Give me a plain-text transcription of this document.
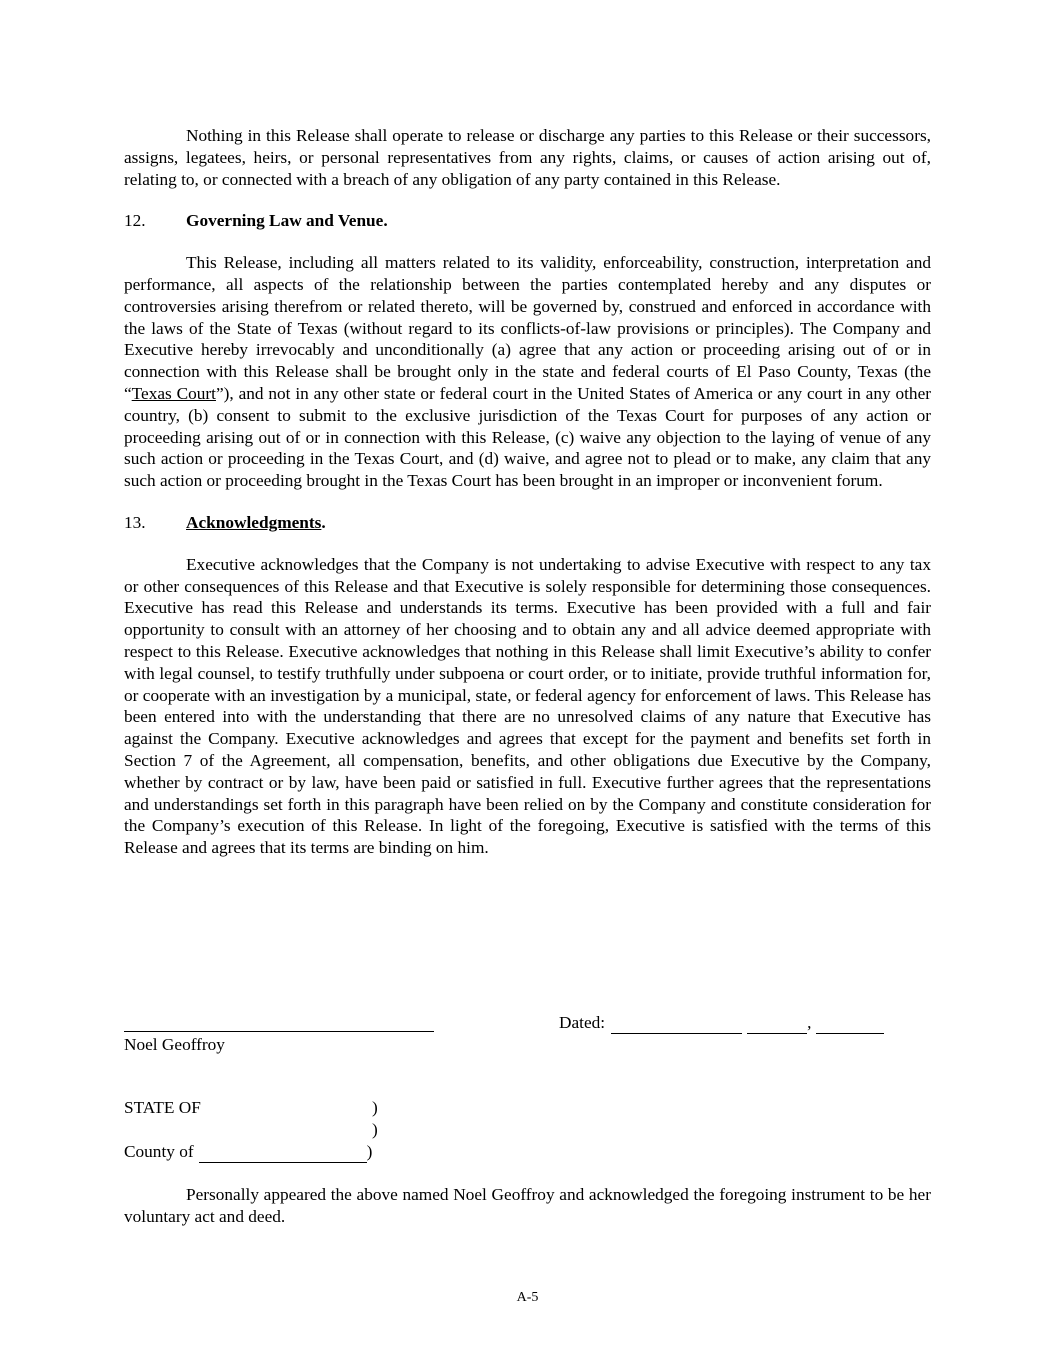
Nothing in this Release shall operate to release or discharge any parties to this Release or their successors, assigns, legatees, heirs, or personal representatives from any rights, claims, or causes of action arising out of, relating to, or connected with a breach of any obligation of any party contained in this Release.

12.	Governing Law and Venue.

This Release, including all matters related to its validity, enforceability, construction, interpretation and performance, all aspects of the relationship between the parties contemplated hereby and any disputes or controversies arising therefrom or related thereto, will be governed by, construed and enforced in accordance with the laws of the State of Texas (without regard to its conflicts-of-law provisions or principles). The Company and Executive hereby irrevocably and unconditionally (a) agree that any action or proceeding arising out of or in connection with this Release shall be brought only in the state and federal courts of El Paso County, Texas (the “Texas Court”), and not in any other state or federal court in the United States of America or any court in any other country, (b) consent to submit to the exclusive jurisdiction of the Texas Court for purposes of any action or proceeding arising out of or in connection with this Release, (c) waive any objection to the laying of venue of any such action or proceeding in the Texas Court, and (d) waive, and agree not to plead or to make, any claim that any such action or proceeding brought in the Texas Court has been brought in an improper or inconvenient forum.

13.	Acknowledgments.

Executive acknowledges that the Company is not undertaking to advise Executive with respect to any tax or other consequences of this Release and that Executive is solely responsible for determining those consequences. Executive has read this Release and understands its terms. Executive has been provided with a full and fair opportunity to consult with an attorney of her choosing and to obtain any and all advice deemed appropriate with respect to this Release. Executive acknowledges that nothing in this Release shall limit Executive’s ability to confer with legal counsel, to testify truthfully under subpoena or court order, or to initiate, provide truthful information for, or cooperate with an investigation by a municipal, state, or federal agency for enforcement of laws. This Release has been entered into with the understanding that there are no unresolved claims of any nature that Executive has against the Company. Executive acknowledges and agrees that except for the payment and benefits set forth in Section 7 of the Agreement, all compensation, benefits, and other obligations due Executive by the Company, whether by contract or by law, have been paid or satisfied in full. Executive further agrees that the representations and understandings set forth in this paragraph have been relied on by the Company and constitute consideration for the Company’s execution of this Release. In light of the foregoing, Executive is satisfied with the terms of this Release and agrees that its terms are binding on him.

Noel Geoffroy
Dated:	,
STATE OF	)
)
County of	)

Personally appeared the above named Noel Geoffroy and acknowledged the foregoing instrument to be her voluntary act and deed.

A-5
